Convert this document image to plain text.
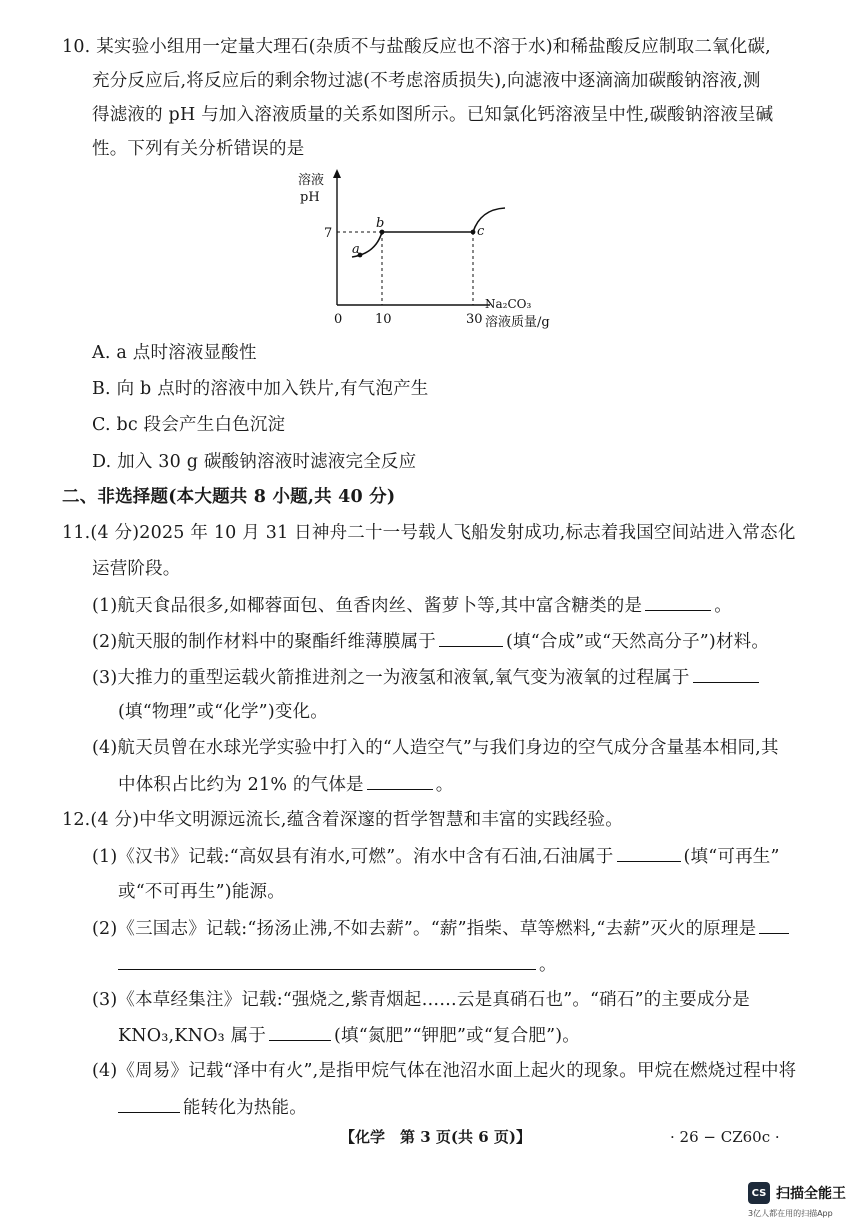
10. 某实验小组用一定量大理石(杂质不与盐酸反应也不溶于水)和稀盐酸反应制取二氧化碳,
充分反应后,将反应后的剩余物过滤(不考虑溶质损失),向滤液中逐滴滴加碳酸钠溶液,测
得滤液的 pH 与加入溶液质量的关系如图所示。已知氯化钙溶液呈中性,碳酸钠溶液呈碱
性。下列有关分析错误的是
溶液
pH
7
0	10	30
a
b
c
Na₂CO₃
溶液质量/g
A. a 点时溶液显酸性
B. 向 b 点时的溶液中加入铁片,有气泡产生
C. bc 段会产生白色沉淀
D. 加入 30 g 碳酸钠溶液时滤液完全反应
二、非选择题(本大题共 8 小题,共 40 分)
11.(4 分)2025 年 10 月 31 日神舟二十一号载人飞船发射成功,标志着我国空间站进入常态化
运营阶段。
(1)航天食品很多,如椰蓉面包、鱼香肉丝、酱萝卜等,其中富含糖类的是	。
(2)航天服的制作材料中的聚酯纤维薄膜属于	(填“合成”或“天然高分子”)材料。
(3)大推力的重型运载火箭推进剂之一为液氢和液氧,氧气变为液氧的过程属于
(填“物理”或“化学”)变化。
(4)航天员曾在水球光学实验中打入的“人造空气”与我们身边的空气成分含量基本相同,其
中体积占比约为 21% 的气体是	。
12.(4 分)中华文明源远流长,蕴含着深邃的哲学智慧和丰富的实践经验。
(1)《汉书》记载:“高奴县有洧水,可燃”。洧水中含有石油,石油属于	(填“可再生”
或“不可再生”)能源。
(2)《三国志》记载:“扬汤止沸,不如去薪”。“薪”指柴、草等燃料,“去薪”灭火的原理是
。
(3)《本草经集注》记载:“强烧之,紫青烟起……云是真硝石也”。“硝石”的主要成分是
KNO₃,KNO₃ 属于	(填“氮肥”“钾肥”或“复合肥”)。
(4)《周易》记载“泽中有火”,是指甲烷气体在池沼水面上起火的现象。甲烷在燃烧过程中将
能转化为热能。
【化学　第 3 页(共 6 页)】	· 26 − CZ60c ·
CS 扫描全能王
3亿人都在用的扫描App
